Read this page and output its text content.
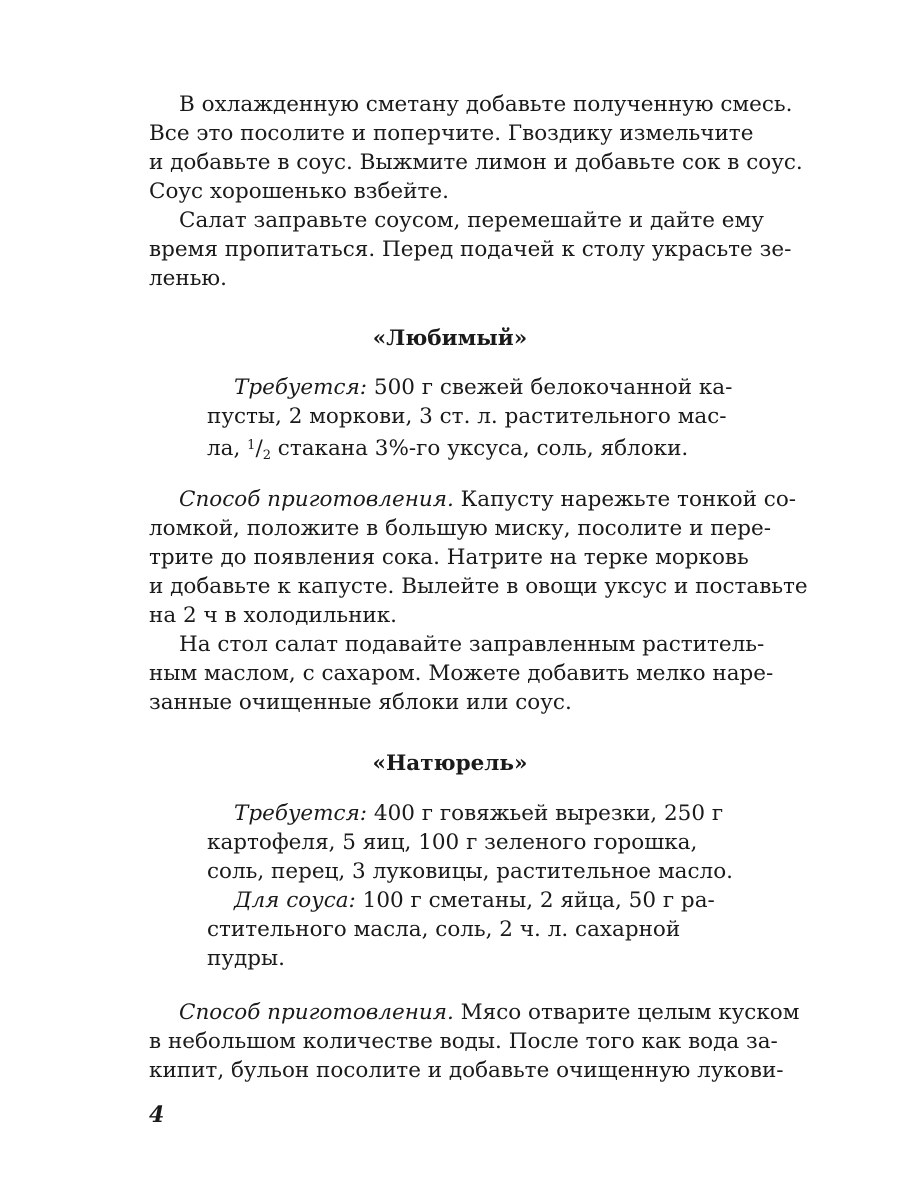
В охлажденную сметану добавьте полученную смесь.
Все это посолите и поперчите. Гвоздику измельчите
и добавьте в соус. Выжмите лимон и добавьте сок в соус.
Соус хорошенько взбейте.
Салат заправьте соусом, перемешайте и дайте ему
время пропитаться. Перед подачей к столу украсьте зе-
ленью.
«Любимый»
Требуется: 500 г свежей белокочанной ка-
пусты, 2 моркови, 3 ст. л. растительного мас-
ла, $^1/_2$ стакана 3%-го уксуса, соль, яблоки.
Способ приготовления. Капусту нарежьте тонкой со-
ломкой, положите в большую миску, посолите и пере-
трите до появления сока. Натрите на терке морковь
и добавьте к капусте. Вылейте в овощи уксус и поставьте
на 2 ч в холодильник.
На стол салат подавайте заправленным раститель-
ным маслом, с сахаром. Можете добавить мелко наре-
занные очищенные яблоки или соус.
«Натюрель»
Требуется: 400 г говяжьей вырезки, 250 г
картофеля, 5 яиц, 100 г зеленого горошка,
соль, перец, 3 луковицы, растительное масло.
Для соуса: 100 г сметаны, 2 яйца, 50 г ра-
стительного масла, соль, 2 ч. л. сахарной
пудры.
Способ приготовления. Мясо отварите целым куском
в небольшом количестве воды. После того как вода за-
кипит, бульон посолите и добавьте очищенную лукови-
4
